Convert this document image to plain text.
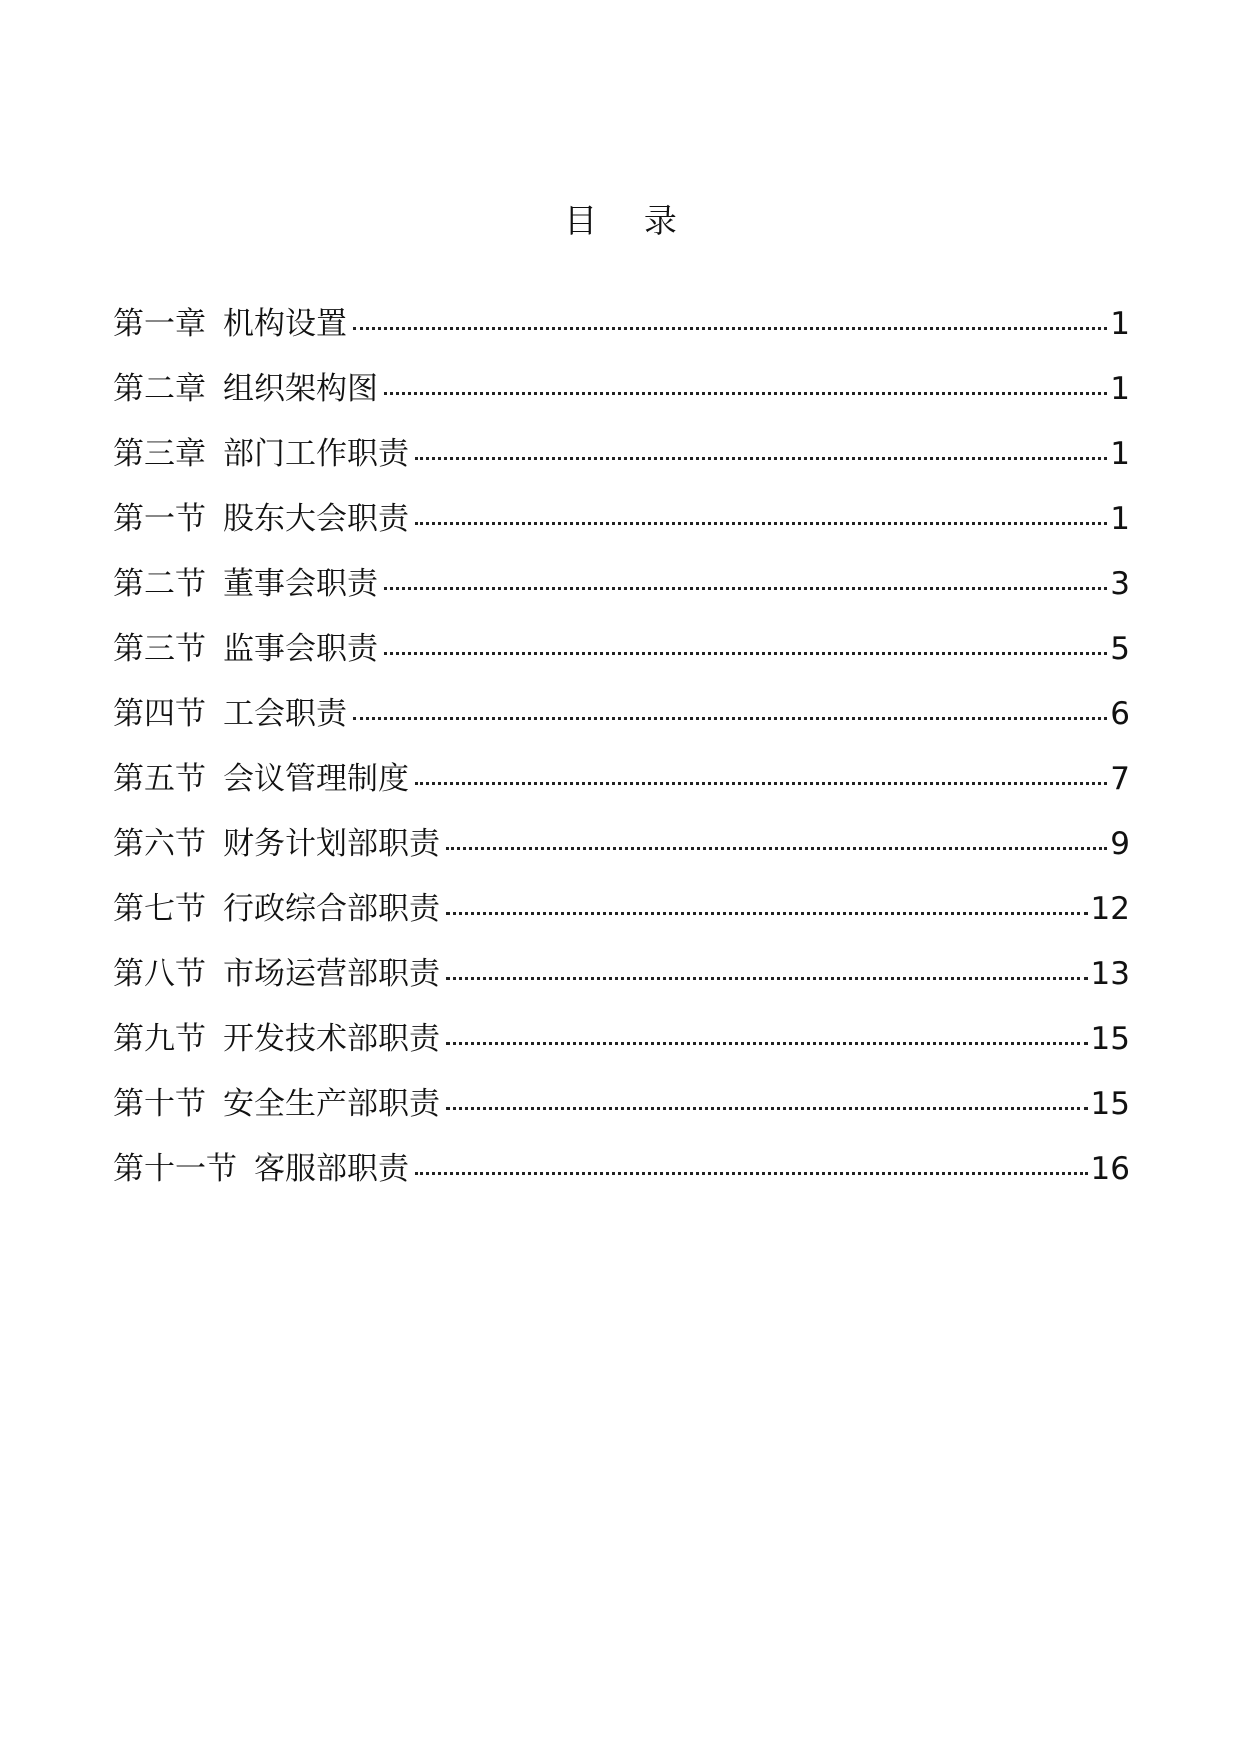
目 录
第一章 机构设置	1
第二章 组织架构图	1
第三章 部门工作职责	1
第一节 股东大会职责	1
第二节 董事会职责	3
第三节 监事会职责	5
第四节 工会职责	6
第五节 会议管理制度	7
第六节 财务计划部职责	9
第七节 行政综合部职责	12
第八节 市场运营部职责	13
第九节 开发技术部职责	15
第十节 安全生产部职责	15
第十一节 客服部职责	16
